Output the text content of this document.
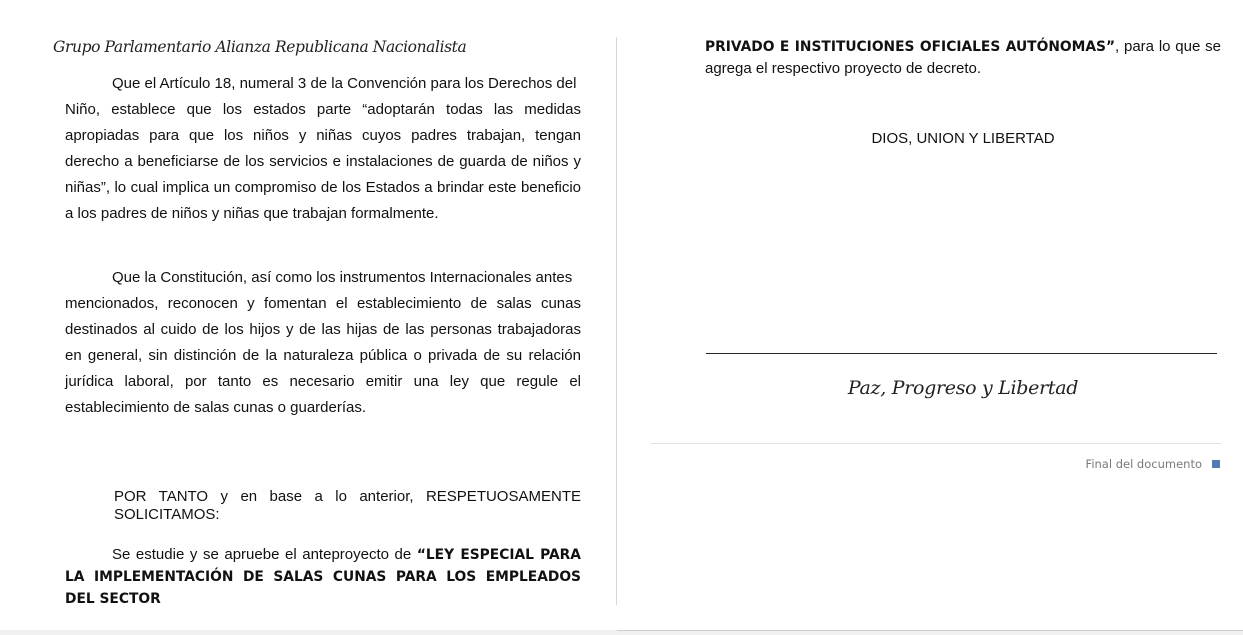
Grupo Parlamentario Alianza Republicana Nacionalista
Que el Artículo 18, numeral 3 de la Convención para los Derechos del
Niño, establece que los estados parte “adoptarán todas las medidas apropiadas para que los niños y niñas cuyos padres trabajan, tengan derecho a beneficiarse de los servicios e instalaciones de guarda de niños y niñas”, lo cual implica un compromiso de los Estados a brindar este beneficio a los padres de niños y niñas que trabajan formalmente.
Que la Constitución, así como los instrumentos Internacionales antes
mencionados, reconocen y fomentan el establecimiento de salas cunas destinados al cuido de los hijos y de las hijas de las personas trabajadoras en general, sin distinción de la naturaleza pública o privada de su relación jurídica laboral, por tanto es necesario emitir una ley que regule el establecimiento de salas cunas o guarderías.
POR TANTO y en base a lo anterior, RESPETUOSAMENTE SOLICITAMOS:
Se estudie y se apruebe el anteproyecto de “LEY ESPECIAL PARA LA IMPLEMENTACIÓN DE SALAS CUNAS PARA LOS EMPLEADOS DEL SECTOR
PRIVADO E INSTITUCIONES OFICIALES AUTÓNOMAS”, para lo que se agrega el respectivo proyecto de decreto.
DIOS, UNION Y LIBERTAD
Paz, Progreso y Libertad
Final del documento
